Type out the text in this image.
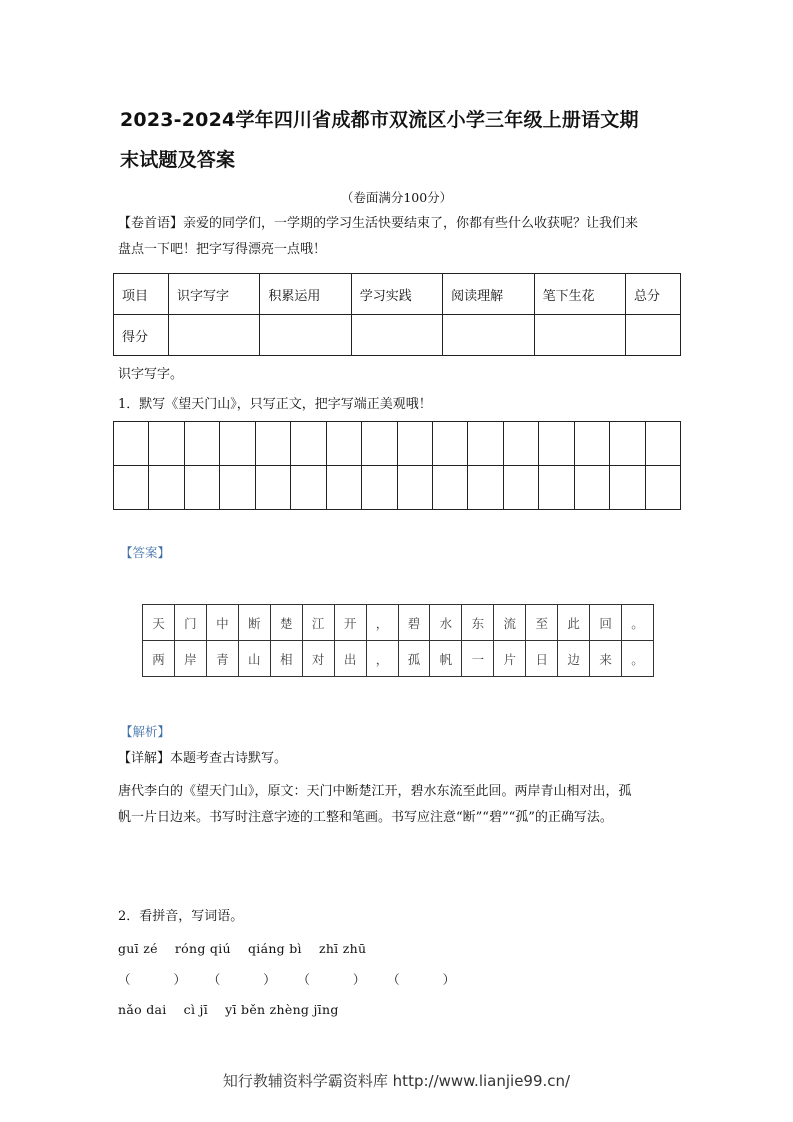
2023-2024学年四川省成都市双流区小学三年级上册语文期
末试题及答案
（卷面满分100分）
【卷首语】亲爱的同学们，一学期的学习生活快要结束了，你都有些什么收获呢？让我们来
盘点一下吧！把字写得漂亮一点哦！
项目	识字写字	积累运用	学习实践	阅读理解	笔下生花	总分
得分						
识字写字。
1．默写《望天门山》，只写正文，把字写端正美观哦！

【答案】
天	门	中	断	楚	江	开	，	碧	水	东	流	至	此	回	。
两	岸	青	山	相	对	出	，	孤	帆	一	片	日	边	来	。
【解析】
【详解】本题考查古诗默写。
唐代李白的《望天门山》，原文：天门中断楚江开，碧水东流至此回。两岸青山相对出，孤
帆一片日边来。书写时注意字迹的工整和笔画。书写应注意“断”“碧”“孤”的正确写法。
2．看拼音，写词语。
guī zé    róng qiú    qiáng bì    zhī zhū
（          ）     （          ）     （          ）     （          ）
nǎo dai    cì jī    yī běn zhèng jīng
知行教辅资料学霸资料库 http://www.lianjie99.cn/
